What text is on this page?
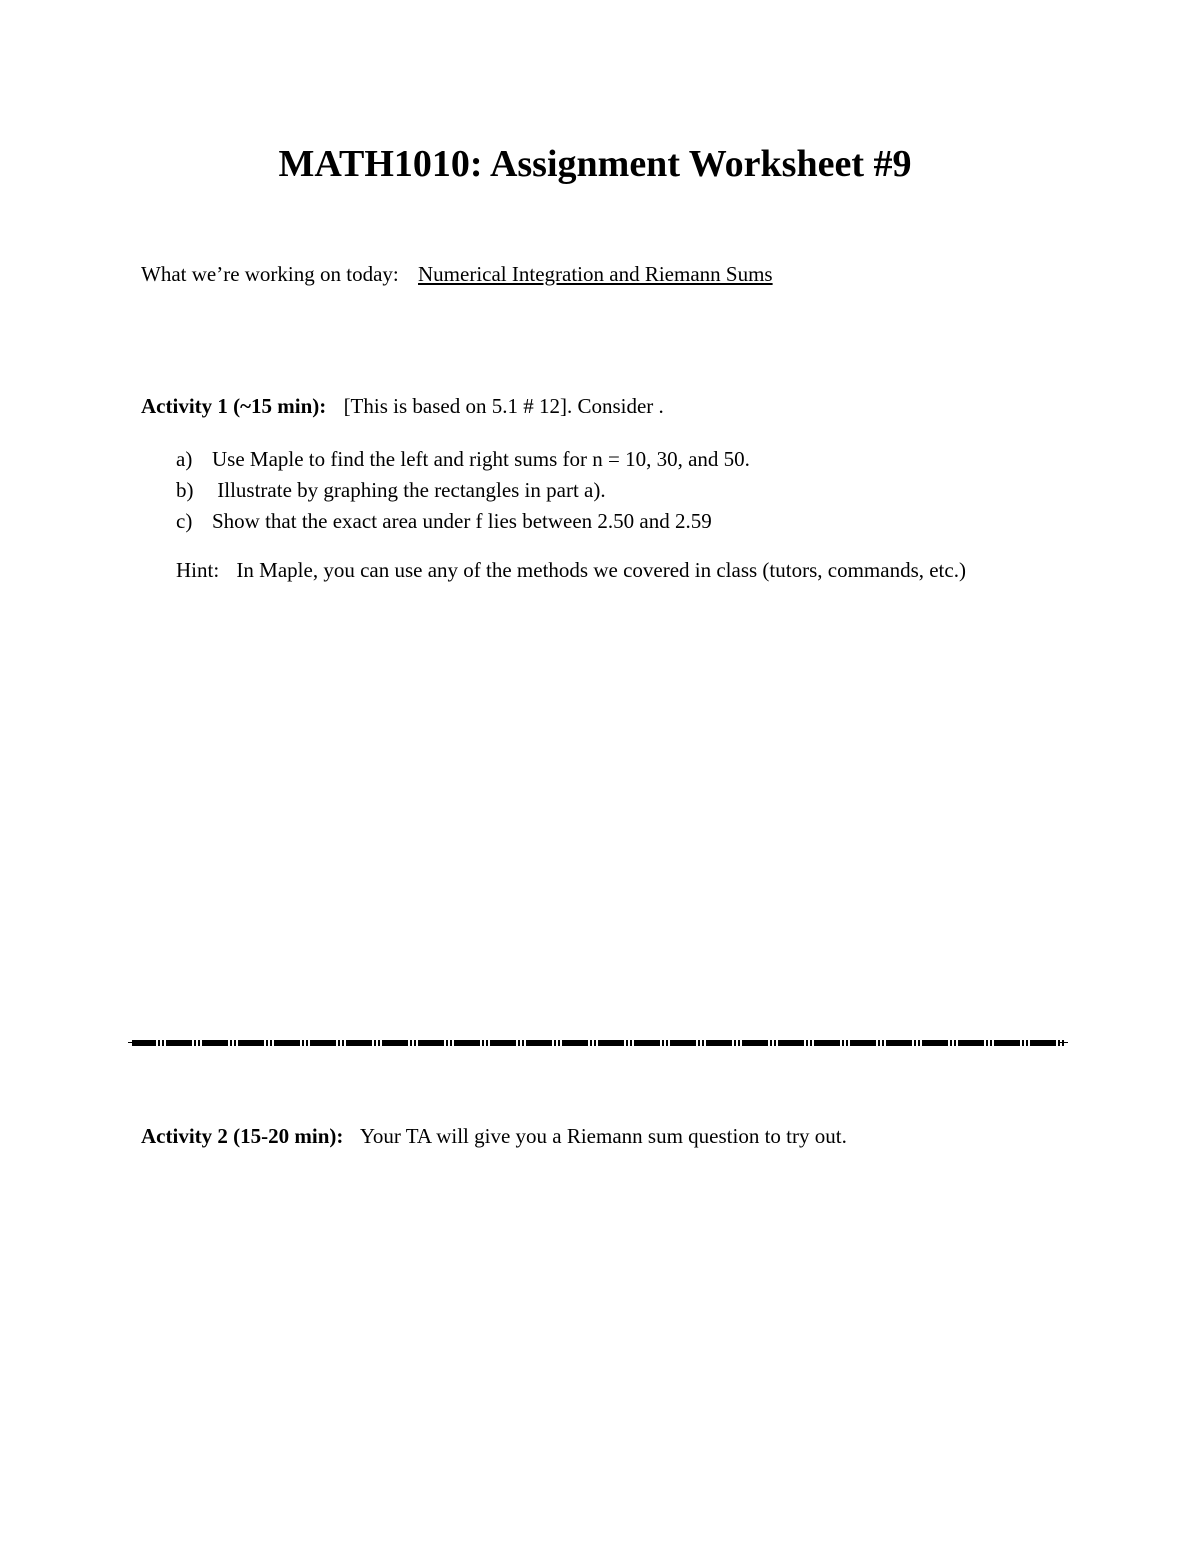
MATH1010: Assignment Worksheet #9
What we’re working on today: Numerical Integration and Riemann Sums
Activity 1 (~15 min): [This is based on 5.1 # 12]. Consider .
a) Use Maple to find the left and right sums for n = 10, 30, and 50.
b) Illustrate by graphing the rectangles in part a).
c) Show that the exact area under f lies between 2.50 and 2.59
Hint: In Maple, you can use any of the methods we covered in class (tutors, commands, etc.)
Activity 2 (15-20 min): Your TA will give you a Riemann sum question to try out.
